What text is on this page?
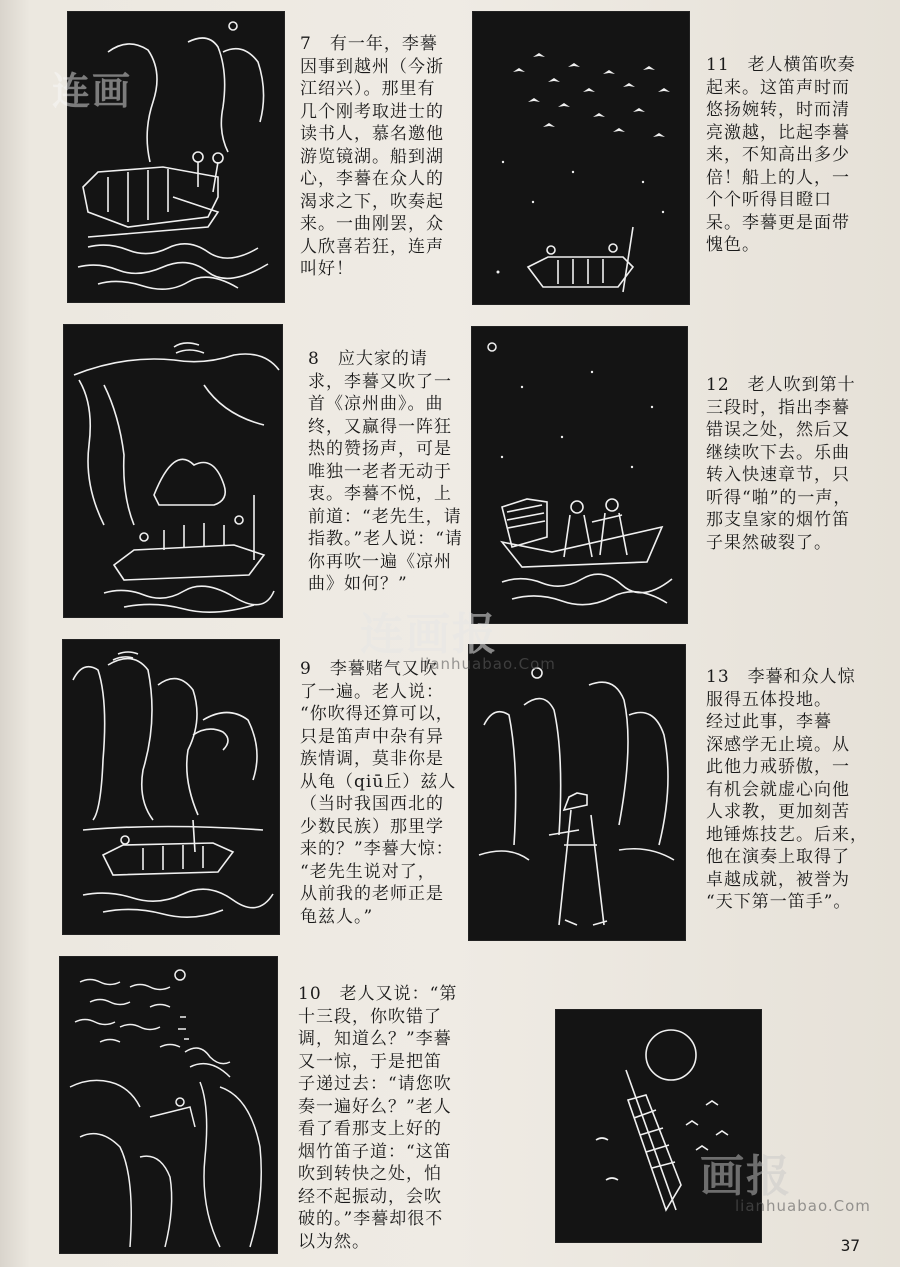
7　有一年，李謩
因事到越州（今浙
江绍兴）。那里有
几个刚考取进士的
读书人，慕名邀他
游览镜湖。船到湖
心，李謩在众人的
渴求之下，吹奏起
来。一曲刚罢，众
人欣喜若狂，连声
叫好！
8　应大家的请
求，李謩又吹了一
首《凉州曲》。曲
终，又赢得一阵狂
热的赞扬声，可是
唯独一老者无动于
衷。李謩不悦，上
前道：“老先生，请
指教。”老人说：“请
你再吹一遍《凉州
曲》如何？”
9　李謩赌气又吹
了一遍。老人说：
“你吹得还算可以，
只是笛声中杂有异
族情调，莫非你是
从龟（qiū丘）兹人
（当时我国西北的
少数民族）那里学
来的？”李謩大惊：
“老先生说对了，
从前我的老师正是
龟兹人。”
10　老人又说：“第
十三段，你吹错了
调，知道么？”李謩
又一惊，于是把笛
子递过去：“请您吹
奏一遍好么？”老人
看了看那支上好的
烟竹笛子道：“这笛
吹到转快之处，怕
经不起振动，会吹
破的。”李謩却很不
以为然。
11　老人横笛吹奏
起来。这笛声时而
悠扬婉转，时而清
亮激越，比起李謩
来，不知高出多少
倍！船上的人，一
个个听得目瞪口
呆。李謩更是面带
愧色。
12　老人吹到第十
三段时，指出李謩
错误之处，然后又
继续吹下去。乐曲
转入快速章节，只
听得“啪”的一声，
那支皇家的烟竹笛
子果然破裂了。
13　李謩和众人惊
服得五体投地。
经过此事，李謩
深感学无止境。从
此他力戒骄傲，一
有机会就虚心向他
人求教，更加刻苦
地锤炼技艺。后来，
他在演奏上取得了
卓越成就，被誉为
“天下第一笛手”。
连画
连画报
lianhuabao.Com
画报
lianhuabao.Com
37
